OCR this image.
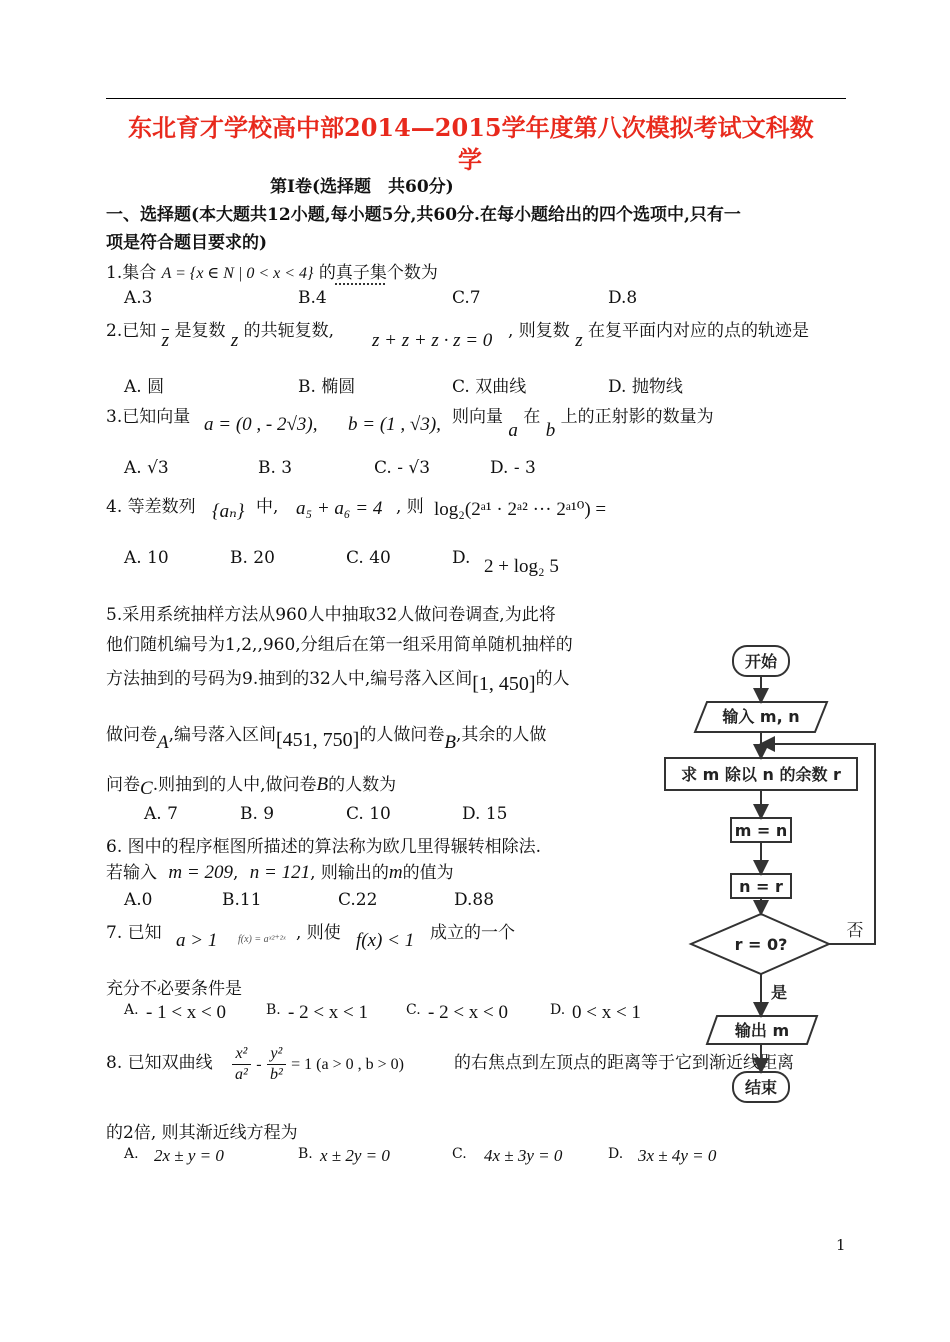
东北育才学校高中部2014—2015学年度第八次模拟考试文科数
学
第Ⅰ卷(选择题　共60分)
一、选择题(本大题共12小题,每小题5分,共60分.在每小题给出的四个选项中,只有一
项是符合题目要求的)
1.集合 A = {x ∈ N | 0 < x < 4} 的真子集个数为
A.3	B.4	C.7	D.8
2.已知 $\overline{z}$ 是复数 z 的共轭复数, z + z + z · z = 0 , 则复数 z 在复平面内对应的点的轨迹是
A. 圆	B. 椭圆	C. 双曲线	D. 抛物线
3.已知向量 a = (0 , - 2√3), b = (1 , √3), 则向量 a 在 b 上的正射影的数量为
A. √3	B. 3	C. - √3	D. - 3
4. 等差数列 {aₙ} 中, a₅ + a₆ = 4 , 则 log₂(2ᵃ¹ · 2ᵃ² ··· 2ᵃ¹⁰) =
A. 10	B. 20	C. 40	D. 2 + log₂ 5
5.采用系统抽样方法从960人中抽取32人做问卷调查,为此将
他们随机编号为1,2,,960,分组后在第一组采用简单随机抽样的
方法抽到的号码为9.抽到的32人中,编号落入区间[1, 450]的人
做问卷A,编号落入区间[451, 750]的人做问卷B,其余的人做
问卷C.则抽到的人中,做问卷B的人数为
A. 7	B. 9	C. 10	D. 15
6. 图中的程序框图所描述的算法称为欧几里得辗转相除法.
若输入 m = 209, n = 121, 则输出的m的值为
A.0	B.11	C.22	D.88
7. 已知 a > 1 f(x) = aˣ²⁺²ˣ , 则使 f(x) < 1 成立的一个
充分不必要条件是
A. - 1 < x < 0	B. - 2 < x < 1	C. - 2 < x < 0	D. 0 < x < 1
8. 已知双曲线 $\frac{\text{x²}}{\text{a²}} - \frac{\text{y²}}{\text{b²}} = 1$ (a > 0 , b > 0)	的右焦点到左顶点的距离等于它到渐近线距离
的2倍, 则其渐近线方程为
A. 2x ± y = 0	B. x ± 2y = 0	C. 4x ± 3y = 0	D. 3x ± 4y = 0
开始
输入 m, n
求 m 除以 n 的余数 r
m = n
n = r
r = 0?
否
是
输出 m
结束
1
